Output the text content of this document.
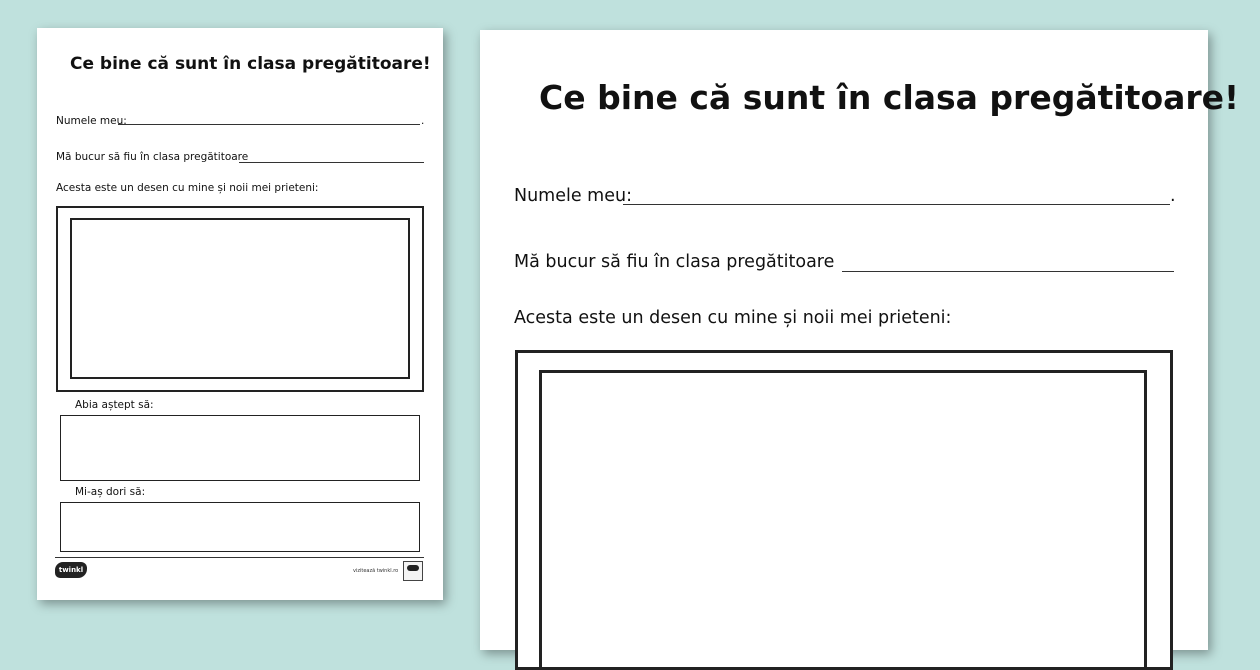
Ce bine că sunt în clasa pregătitoare!
Numele meu:	.
Mă bucur să fiu în clasa pregătitoare
Acesta este un desen cu mine și noii mei prieteni:
Abia aștept să:
Mi-aș dori să:
twinkl	vizitează twinkl.ro
Ce bine că sunt în clasa pregătitoare!
Numele meu:	.
Mă bucur să fiu în clasa pregătitoare
Acesta este un desen cu mine și noii mei prieteni:
